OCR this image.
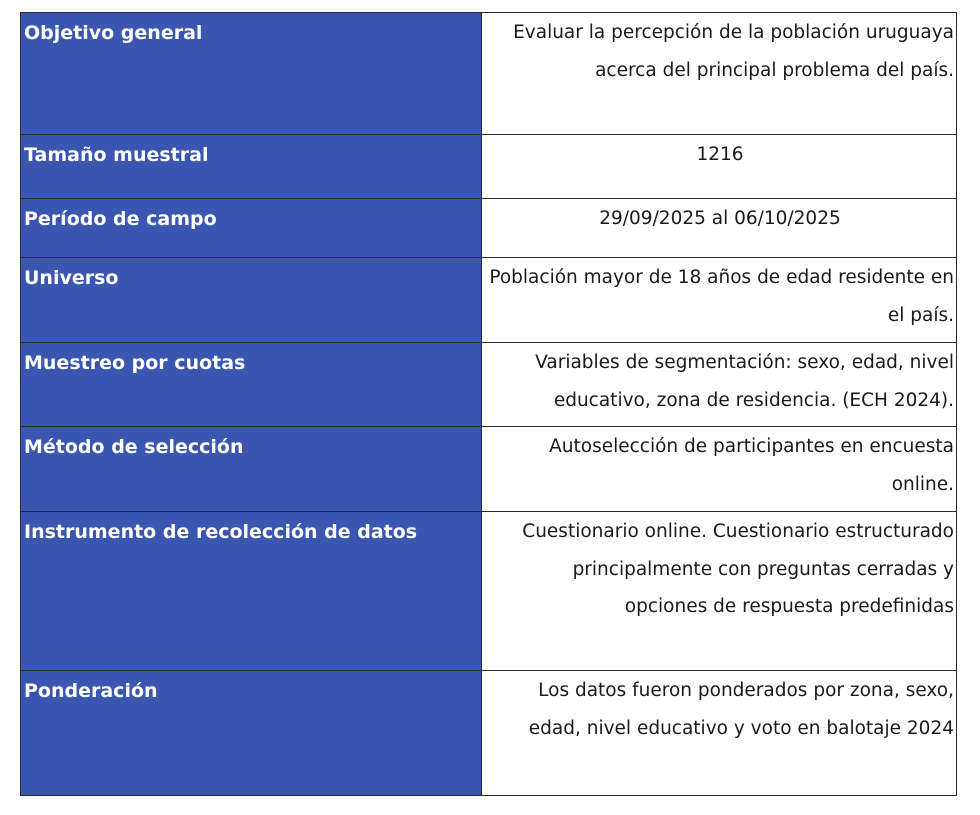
Objetivo general	Evaluar la percepción de la población uruguaya acerca del principal problema del país.
Tamaño muestral	1216
Período de campo	29/09/2025 al 06/10/2025
Universo	Población mayor de 18 años de edad residente en el país.
Muestreo por cuotas	Variables de segmentación: sexo, edad, nivel educativo, zona de residencia. (ECH 2024).
Método de selección	Autoselección de participantes en encuesta online.
Instrumento de recolección de datos	Cuestionario online. Cuestionario estructurado principalmente con preguntas cerradas y opciones de respuesta predefinidas
Ponderación	Los datos fueron ponderados por zona, sexo, edad, nivel educativo y voto en balotaje 2024
